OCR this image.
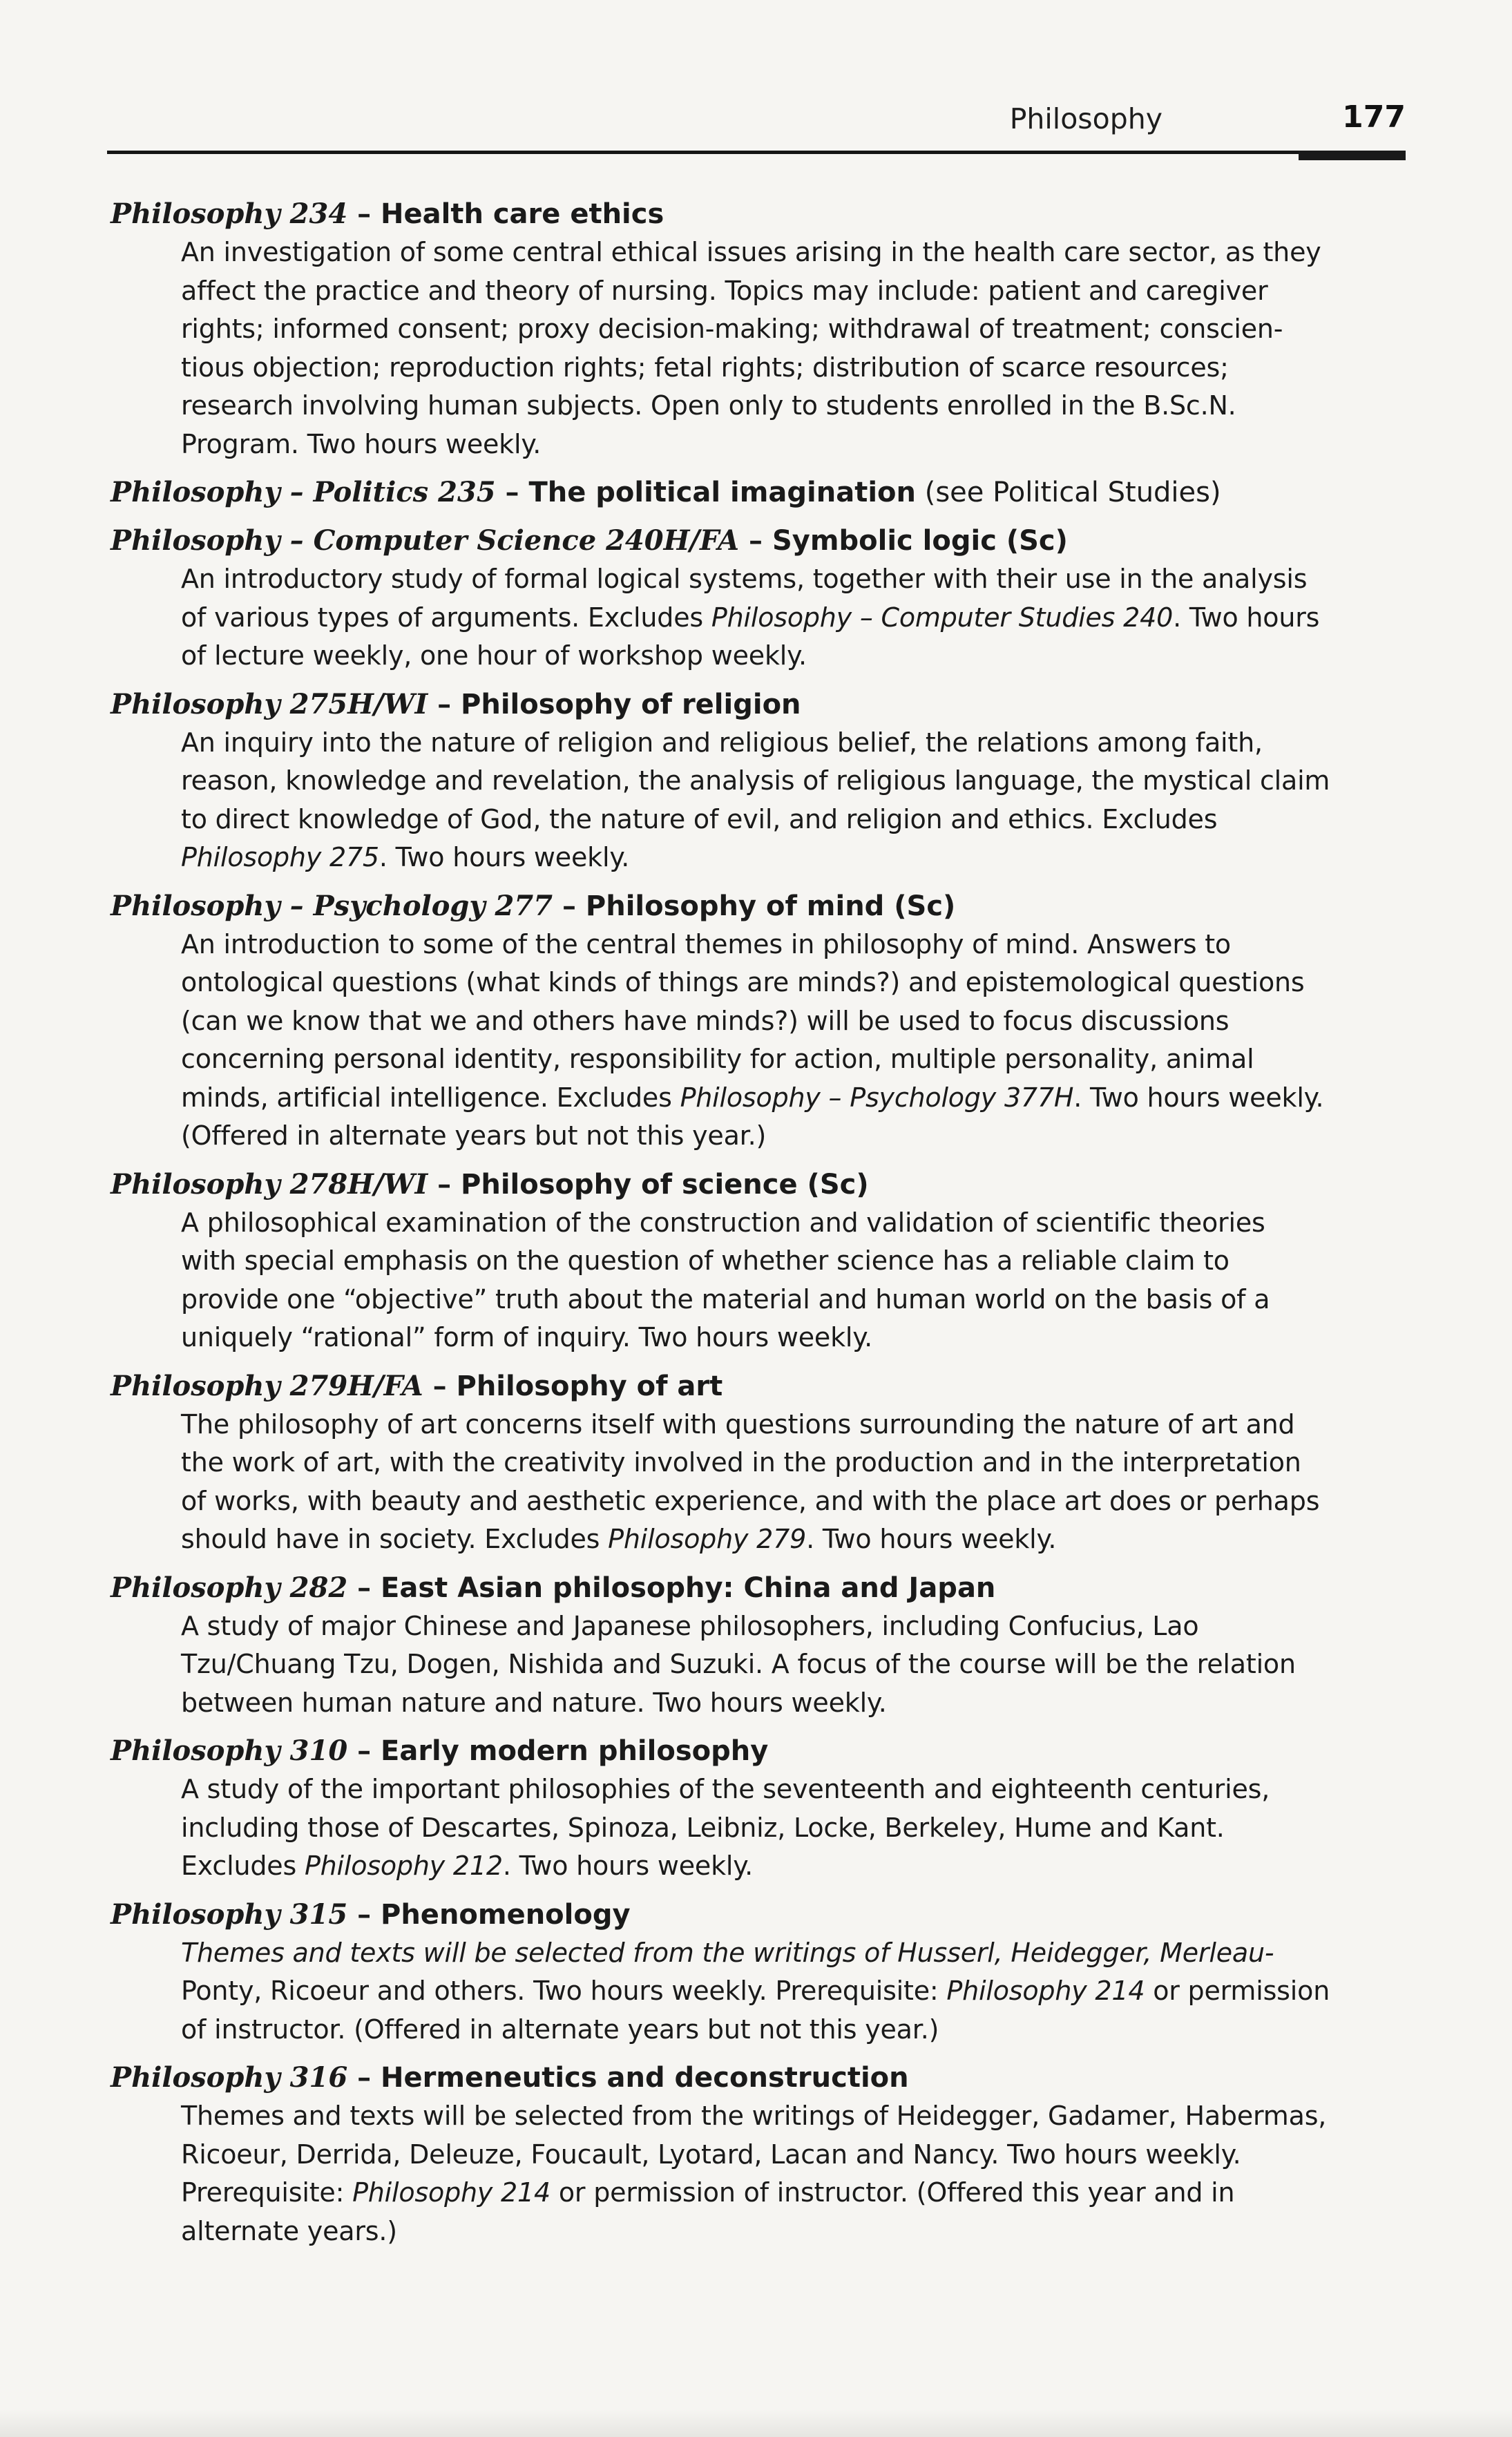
Philosophy	177
Philosophy 234 – Health care ethics
An investigation of some central ethical issues arising in the health care sector, as they
affect the practice and theory of nursing. Topics may include: patient and caregiver
rights; informed consent; proxy decision-making; withdrawal of treatment; conscien-
tious objection; reproduction rights; fetal rights; distribution of scarce resources;
research involving human subjects. Open only to students enrolled in the B.Sc.N.
Program. Two hours weekly.
Philosophy – Politics 235 – The political imagination (see Political Studies)
Philosophy – Computer Science 240H/FA – Symbolic logic (Sc)
An introductory study of formal logical systems, together with their use in the analysis
of various types of arguments. Excludes Philosophy – Computer Studies 240. Two hours
of lecture weekly, one hour of workshop weekly.
Philosophy 275H/WI – Philosophy of religion
An inquiry into the nature of religion and religious belief, the relations among faith,
reason, knowledge and revelation, the analysis of religious language, the mystical claim
to direct knowledge of God, the nature of evil, and religion and ethics. Excludes
Philosophy 275. Two hours weekly.
Philosophy – Psychology 277 – Philosophy of mind (Sc)
An introduction to some of the central themes in philosophy of mind. Answers to
ontological questions (what kinds of things are minds?) and epistemological questions
(can we know that we and others have minds?) will be used to focus discussions
concerning personal identity, responsibility for action, multiple personality, animal
minds, artificial intelligence. Excludes Philosophy – Psychology 377H. Two hours weekly.
(Offered in alternate years but not this year.)
Philosophy 278H/WI – Philosophy of science (Sc)
A philosophical examination of the construction and validation of scientific theories
with special emphasis on the question of whether science has a reliable claim to
provide one “objective” truth about the material and human world on the basis of a
uniquely “rational” form of inquiry. Two hours weekly.
Philosophy 279H/FA – Philosophy of art
The philosophy of art concerns itself with questions surrounding the nature of art and
the work of art, with the creativity involved in the production and in the interpretation
of works, with beauty and aesthetic experience, and with the place art does or perhaps
should have in society. Excludes Philosophy 279. Two hours weekly.
Philosophy 282 – East Asian philosophy: China and Japan
A study of major Chinese and Japanese philosophers, including Confucius, Lao
Tzu/Chuang Tzu, Dogen, Nishida and Suzuki. A focus of the course will be the relation
between human nature and nature. Two hours weekly.
Philosophy 310 – Early modern philosophy
A study of the important philosophies of the seventeenth and eighteenth centuries,
including those of Descartes, Spinoza, Leibniz, Locke, Berkeley, Hume and Kant.
Excludes Philosophy 212. Two hours weekly.
Philosophy 315 – Phenomenology
Themes and texts will be selected from the writings of Husserl, Heidegger, Merleau-
Ponty, Ricoeur and others. Two hours weekly. Prerequisite: Philosophy 214 or permission
of instructor. (Offered in alternate years but not this year.)
Philosophy 316 – Hermeneutics and deconstruction
Themes and texts will be selected from the writings of Heidegger, Gadamer, Habermas,
Ricoeur, Derrida, Deleuze, Foucault, Lyotard, Lacan and Nancy. Two hours weekly.
Prerequisite: Philosophy 214 or permission of instructor. (Offered this year and in
alternate years.)
